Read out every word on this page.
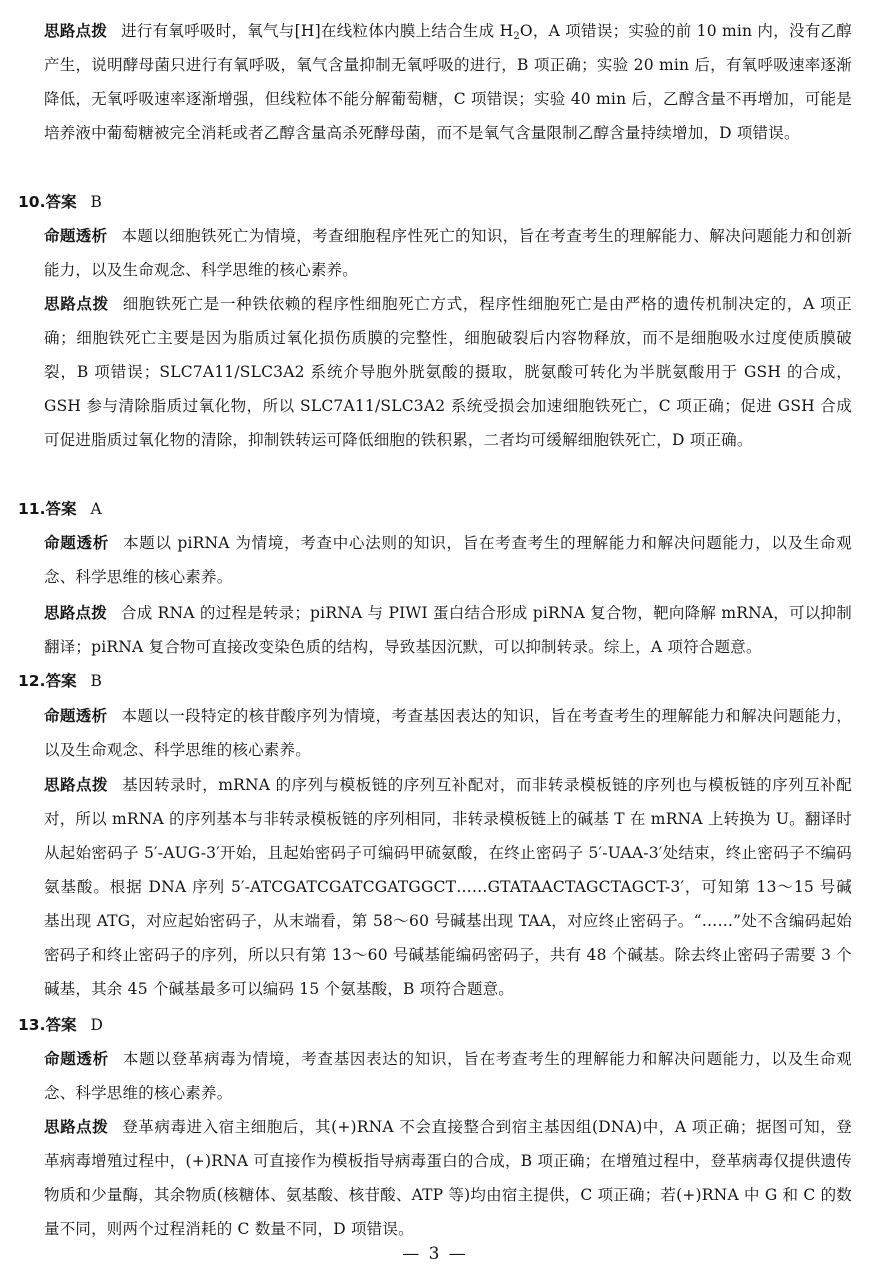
思路点拨 进行有氧呼吸时，氧气与[H]在线粒体内膜上结合生成 $H_2O$，A 项错误；实验的前 10 min 内，没有乙醇产生，说明酵母菌只进行有氧呼吸，氧气含量抑制无氧呼吸的进行，B 项正确；实验 20 min 后，有氧呼吸速率逐渐降低，无氧呼吸速率逐渐增强，但线粒体不能分解葡萄糖，C 项错误；实验 40 min 后，乙醇含量不再增加，可能是培养液中葡萄糖被完全消耗或者乙醇含量高杀死酵母菌，而不是氧气含量限制乙醇含量持续增加，D 项错误。
10.答案 B
命题透析 本题以细胞铁死亡为情境，考查细胞程序性死亡的知识，旨在考查考生的理解能力、解决问题能力和创新能力，以及生命观念、科学思维的核心素养。
思路点拨 细胞铁死亡是一种铁依赖的程序性细胞死亡方式，程序性细胞死亡是由严格的遗传机制决定的，A 项正确；细胞铁死亡主要是因为脂质过氧化损伤质膜的完整性，细胞破裂后内容物释放，而不是细胞吸水过度使质膜破裂，B 项错误；SLC7A11/SLC3A2 系统介导胞外胱氨酸的摄取，胱氨酸可转化为半胱氨酸用于 GSH 的合成，GSH 参与清除脂质过氧化物，所以 SLC7A11/SLC3A2 系统受损会加速细胞铁死亡，C 项正确；促进 GSH 合成可促进脂质过氧化物的清除，抑制铁转运可降低细胞的铁积累，二者均可缓解细胞铁死亡，D 项正确。
11.答案 A
命题透析 本题以 piRNA 为情境，考查中心法则的知识，旨在考查考生的理解能力和解决问题能力，以及生命观念、科学思维的核心素养。
思路点拨 合成 RNA 的过程是转录；piRNA 与 PIWI 蛋白结合形成 piRNA 复合物，靶向降解 mRNA，可以抑制翻译；piRNA 复合物可直接改变染色质的结构，导致基因沉默，可以抑制转录。综上，A 项符合题意。
12.答案 B
命题透析 本题以一段特定的核苷酸序列为情境，考查基因表达的知识，旨在考查考生的理解能力和解决问题能力，以及生命观念、科学思维的核心素养。
思路点拨 基因转录时，mRNA 的序列与模板链的序列互补配对，而非转录模板链的序列也与模板链的序列互补配对，所以 mRNA 的序列基本与非转录模板链的序列相同，非转录模板链上的碱基 T 在 mRNA 上转换为 U。翻译时从起始密码子 5′-AUG-3′开始，且起始密码子可编码甲硫氨酸，在终止密码子 5′-UAA-3′处结束，终止密码子不编码氨基酸。根据 DNA 序列 5′-ATCGATCGATCGATGGCT……GTATAACTAGCTAGCT-3′，可知第 13～15 号碱基出现 ATG，对应起始密码子，从末端看，第 58～60 号碱基出现 TAA，对应终止密码子。“……”处不含编码起始密码子和终止密码子的序列，所以只有第 13～60 号碱基能编码密码子，共有 48 个碱基。除去终止密码子需要 3 个碱基，其余 45 个碱基最多可以编码 15 个氨基酸，B 项符合题意。
13.答案 D
命题透析 本题以登革病毒为情境，考查基因表达的知识，旨在考查考生的理解能力和解决问题能力，以及生命观念、科学思维的核心素养。
思路点拨 登革病毒进入宿主细胞后，其(+)RNA 不会直接整合到宿主基因组(DNA)中，A 项正确；据图可知，登革病毒增殖过程中，(+)RNA 可直接作为模板指导病毒蛋白的合成，B 项正确；在增殖过程中，登革病毒仅提供遗传物质和少量酶，其余物质(核糖体、氨基酸、核苷酸、ATP 等)均由宿主提供，C 项正确；若(+)RNA 中 G 和 C 的数量不同，则两个过程消耗的 C 数量不同，D 项错误。
— 3 —
